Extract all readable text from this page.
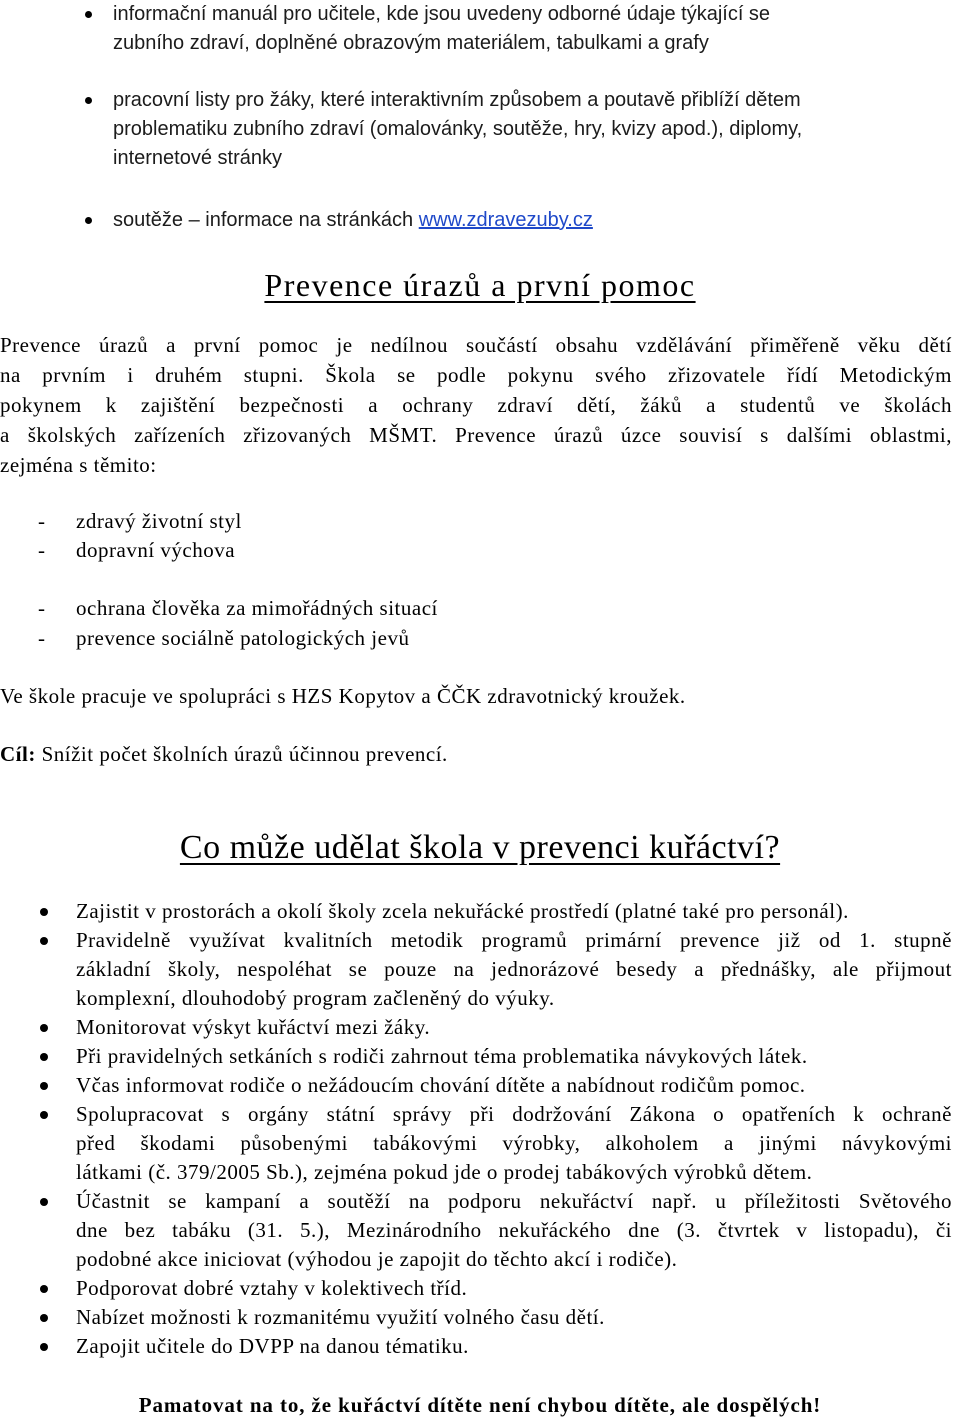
informační manuál pro učitele, kde jsou uvedeny odborné údaje týkající se
zubního zdraví, doplněné obrazovým materiálem, tabulkami a grafy
pracovní listy pro žáky, které interaktivním způsobem a poutavě přiblíží dětem
problematiku zubního zdraví (omalovánky, soutěže, hry, kvizy apod.), diplomy,
internetové stránky
soutěže – informace na stránkách www.zdravezuby.cz
Prevence úrazů a první pomoc
Prevence úrazů a první pomoc je nedílnou součástí obsahu vzdělávání přiměřeně věku dětí
na prvním i druhém stupni. Škola se podle pokynu svého zřizovatele řídí Metodickým
pokynem k zajištění bezpečnosti a ochrany zdraví dětí, žáků a studentů ve školách
a školských zařízeních zřizovaných MŠMT. Prevence úrazů úzce souvisí s dalšími oblastmi,
zejména s těmito:
- zdravý životní styl
- dopravní výchova
- ochrana člověka za mimořádných situací
- prevence sociálně patologických jevů
Ve škole pracuje ve spolupráci s HZS Kopytov a ČČK zdravotnický kroužek.
Cíl: Snížit počet školních úrazů účinnou prevencí.
Co může udělat škola v prevenci kuřáctví?
Zajistit v prostorách a okolí školy zcela nekuřácké prostředí (platné také pro personál).
Pravidelně využívat kvalitních metodik programů primární prevence již od 1. stupně
základní školy, nespoléhat se pouze na jednorázové besedy a přednášky, ale přijmout
komplexní, dlouhodobý program začleněný do výuky.
Monitorovat výskyt kuřáctví mezi žáky.
Při pravidelných setkáních s rodiči zahrnout téma problematika návykových látek.
Včas informovat rodiče o nežádoucím chování dítěte a nabídnout rodičům pomoc.
Spolupracovat s orgány státní správy při dodržování Zákona o opatřeních k ochraně
před škodami působenými tabákovými výrobky, alkoholem a jinými návykovými
látkami (č. 379/2005 Sb.), zejména pokud jde o prodej tabákových výrobků dětem.
Účastnit se kampaní a soutěží na podporu nekuřáctví např. u příležitosti Světového
dne bez tabáku (31. 5.), Mezinárodního nekuřáckého dne (3. čtvrtek v listopadu), či
podobné akce iniciovat (výhodou je zapojit do těchto akcí i rodiče).
Podporovat dobré vztahy v kolektivech tříd.
Nabízet možnosti k rozmanitému využití volného času dětí.
Zapojit učitele do DVPP na danou tématiku.
Pamatovat na to, že kuřáctví dítěte není chybou dítěte, ale dospělých!
